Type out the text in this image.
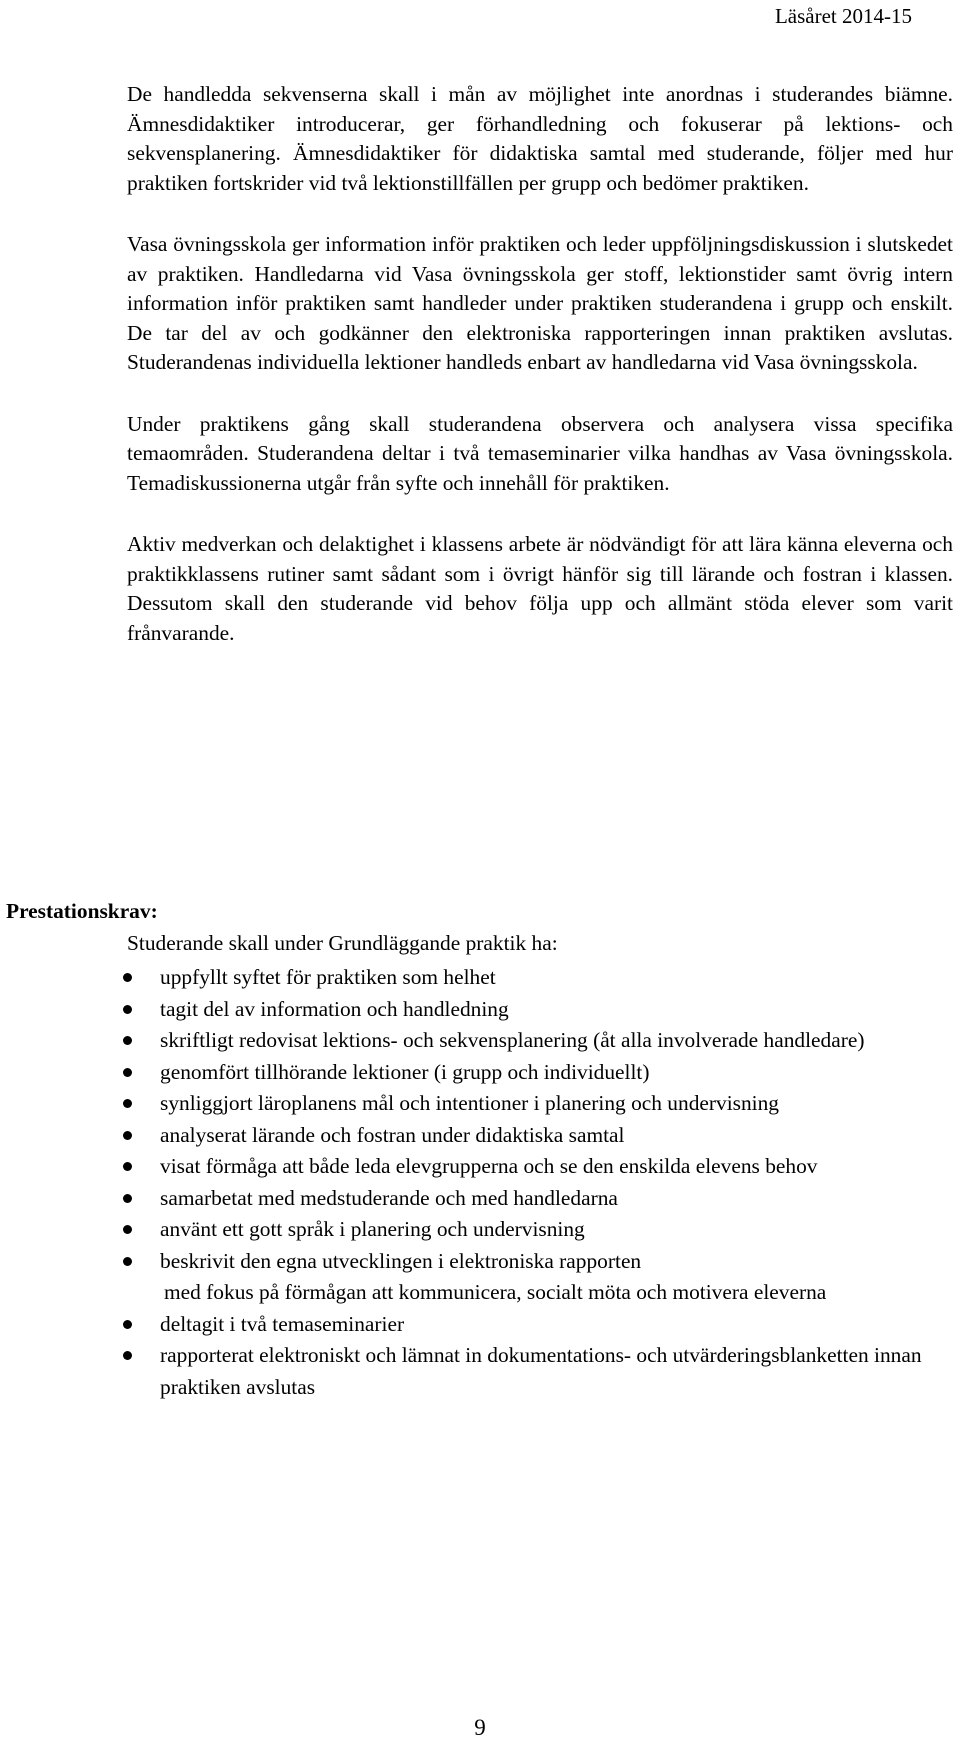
Läsåret 2014-15

De handledda sekvenserna skall i mån av möjlighet inte anordnas i studerandes biämne. Ämnesdidaktiker introducerar, ger förhandledning och fokuserar på lektions- och sekvensplanering. Ämnesdidaktiker för didaktiska samtal med studerande, följer med hur praktiken fortskrider vid två lektionstillfällen per grupp och bedömer praktiken.

Vasa övningsskola ger information inför praktiken och leder uppföljningsdiskussion i slutskedet av praktiken. Handledarna vid Vasa övningsskola ger stoff, lektionstider samt övrig intern information inför praktiken samt handleder under praktiken studerandena i grupp och enskilt. De tar del av och godkänner den elektroniska rapporteringen innan praktiken avslutas. Studerandenas individuella lektioner handleds enbart av handledarna vid Vasa övningsskola.

Under praktikens gång skall studerandena observera och analysera vissa specifika temaområden. Studerandena deltar i två temaseminarier vilka handhas av Vasa övningsskola. Temadiskussionerna utgår från syfte och innehåll för praktiken.

Aktiv medverkan och delaktighet i klassens arbete är nödvändigt för att lära känna eleverna och praktikklassens rutiner samt sådant som i övrigt hänför sig till lärande och fostran i klassen. Dessutom skall den studerande vid behov följa upp och allmänt stöda elever som varit frånvarande.

Prestationskrav:
Studerande skall under Grundläggande praktik ha:
uppfyllt syftet för praktiken som helhet
tagit del av information och handledning
skriftligt redovisat lektions- och sekvensplanering (åt alla involverade handledare)
genomfört tillhörande lektioner (i grupp och individuellt)
synliggjort läroplanens mål och intentioner i planering och undervisning
analyserat lärande och fostran under didaktiska samtal
visat förmåga att både leda elevgrupperna och se den enskilda elevens behov
samarbetat med medstuderande och med handledarna
använt ett gott språk i planering och undervisning
beskrivit den egna utvecklingen i elektroniska rapporten
med fokus på förmågan att kommunicera, socialt möta och motivera eleverna
deltagit i två temaseminarier
rapporterat elektroniskt och lämnat in dokumentations- och utvärderingsblanketten innan praktiken avslutas
9
